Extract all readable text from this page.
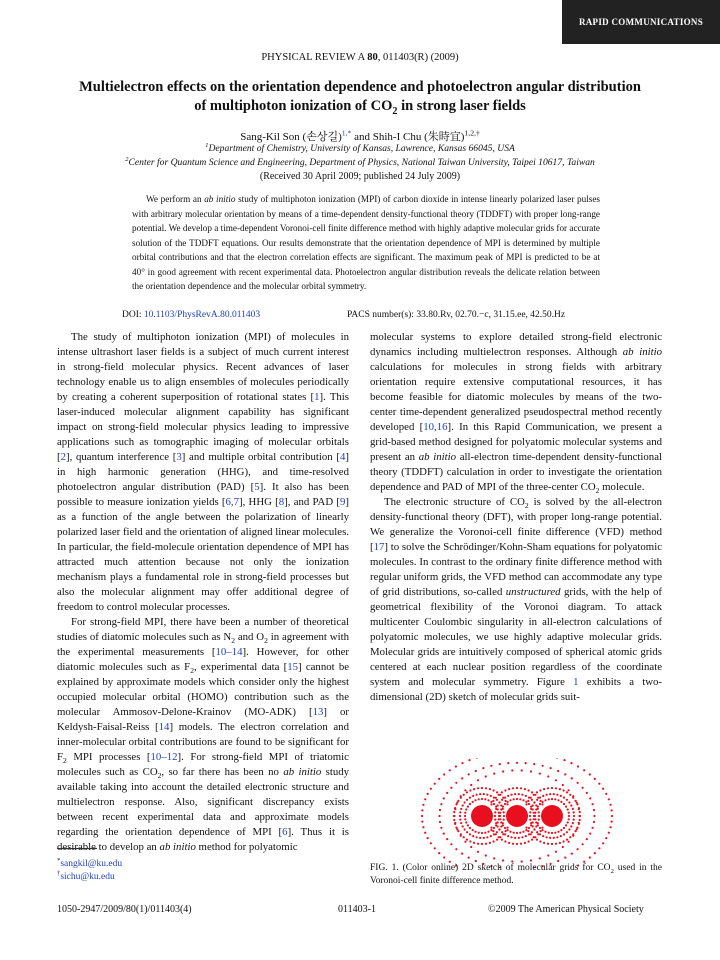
RAPID COMMUNICATIONS
PHYSICAL REVIEW A 80, 011403(R) (2009)
Multielectron effects on the orientation dependence and photoelectron angular distribution
of multiphoton ionization of $CO_2$ in strong laser fields
Sang-Kil Son (손상길)$^{1,*}$ and Shih-I Chu (朱時宜)$^{1,2,\dagger}$
$^1$Department of Chemistry, University of Kansas, Lawrence, Kansas 66045, USA
$^2$Center for Quantum Science and Engineering, Department of Physics, National Taiwan University, Taipei 10617, Taiwan
(Received 30 April 2009; published 24 July 2009)
We perform an ab initio study of multiphoton ionization (MPI) of carbon dioxide in intense linearly polarized laser pulses with arbitrary molecular orientation by means of a time-dependent density-functional theory (TDDFT) with proper long-range potential. We develop a time-dependent Voronoi-cell finite difference method with highly adaptive molecular grids for accurate solution of the TDDFT equations. Our results demonstrate that the orientation dependence of MPI is determined by multiple orbital contributions and that the electron correlation effects are significant. The maximum peak of MPI is predicted to be at 40° in good agreement with recent experimental data. Photoelectron angular distribution reveals the delicate relation between the orientation dependence and the molecular orbital symmetry.
DOI: 10.1103/PhysRevA.80.011403	PACS number(s): 33.80.Rv, 02.70.−c, 31.15.ee, 42.50.Hz

The study of multiphoton ionization (MPI) of molecules in intense ultrashort laser fields is a subject of much current interest in strong-field molecular physics. Recent advances of laser technology enable us to align ensembles of molecules periodically by creating a coherent superposition of rotational states [1]. This laser-induced molecular alignment capability has significant impact on strong-field molecular physics leading to impressive applications such as tomographic imaging of molecular orbitals [2], quantum interference [3] and multiple orbital contribution [4] in high harmonic generation (HHG), and time-resolved photoelectron angular distribution (PAD) [5]. It also has been possible to measure ionization yields [6,7], HHG [8], and PAD [9] as a function of the angle between the polarization of linearly polarized laser field and the orientation of aligned linear molecules. In particular, the field-molecule orientation dependence of MPI has attracted much attention because not only the ionization mechanism plays a fundamental role in strong-field processes but also the molecular alignment may offer additional degree of freedom to control molecular processes.

For strong-field MPI, there have been a number of theoretical studies of diatomic molecules such as $N_2$ and $O_2$ in agreement with the experimental measurements [10–14]. However, for other diatomic molecules such as $F_2$, experimental data [15] cannot be explained by approximate models which consider only the highest occupied molecular orbital (HOMO) contribution such as the molecular Ammosov-Delone-Krainov (MO-ADK) [13] or Keldysh-Faisal-Reiss [14] models. The electron correlation and inner-molecular orbital contributions are found to be significant for $F_2$ MPI processes [10–12]. For strong-field MPI of triatomic molecules such as $CO_2$, so far there has been no ab initio study available taking into account the detailed electronic structure and multielectron response. Also, significant discrepancy exists between recent experimental data and approximate models regarding the orientation dependence of MPI [6]. Thus it is desirable to develop an ab initio method for polyatomic

molecular systems to explore detailed strong-field electronic dynamics including multielectron responses. Although ab initio calculations for molecules in strong fields with arbitrary orientation require extensive computational resources, it has become feasible for diatomic molecules by means of the two-center time-dependent generalized pseudospectral method recently developed [10,16]. In this Rapid Communication, we present a grid-based method designed for polyatomic molecular systems and present an ab initio all-electron time-dependent density-functional theory (TDDFT) calculation in order to investigate the orientation dependence and PAD of MPI of the three-center $CO_2$ molecule.

The electronic structure of $CO_2$ is solved by the all-electron density-functional theory (DFT), with proper long-range potential. We generalize the Voronoi-cell finite difference (VFD) method [17] to solve the Schrödinger/Kohn-Sham equations for polyatomic molecules. In contrast to the ordinary finite difference method with regular uniform grids, the VFD method can accommodate any type of grid distributions, so-called unstructured grids, with the help of geometrical flexibility of the Voronoi diagram. To attack multicenter Coulombic singularity in all-electron calculations of polyatomic molecules, we use highly adaptive molecular grids. Molecular grids are intuitively composed of spherical atomic grids centered at each nuclear position regardless of the coordinate system and molecular symmetry. Figure 1 exhibits a two-dimensional (2D) sketch of molecular grids suit-

FIG. 1. (Color online) 2D sketch of molecular grids for $CO_2$ used in the Voronoi-cell finite difference method.
*sangkil@ku.edu
†sichu@ku.edu
1050-2947/2009/80(1)/011403(4)	011403-1	©2009 The American Physical Society
